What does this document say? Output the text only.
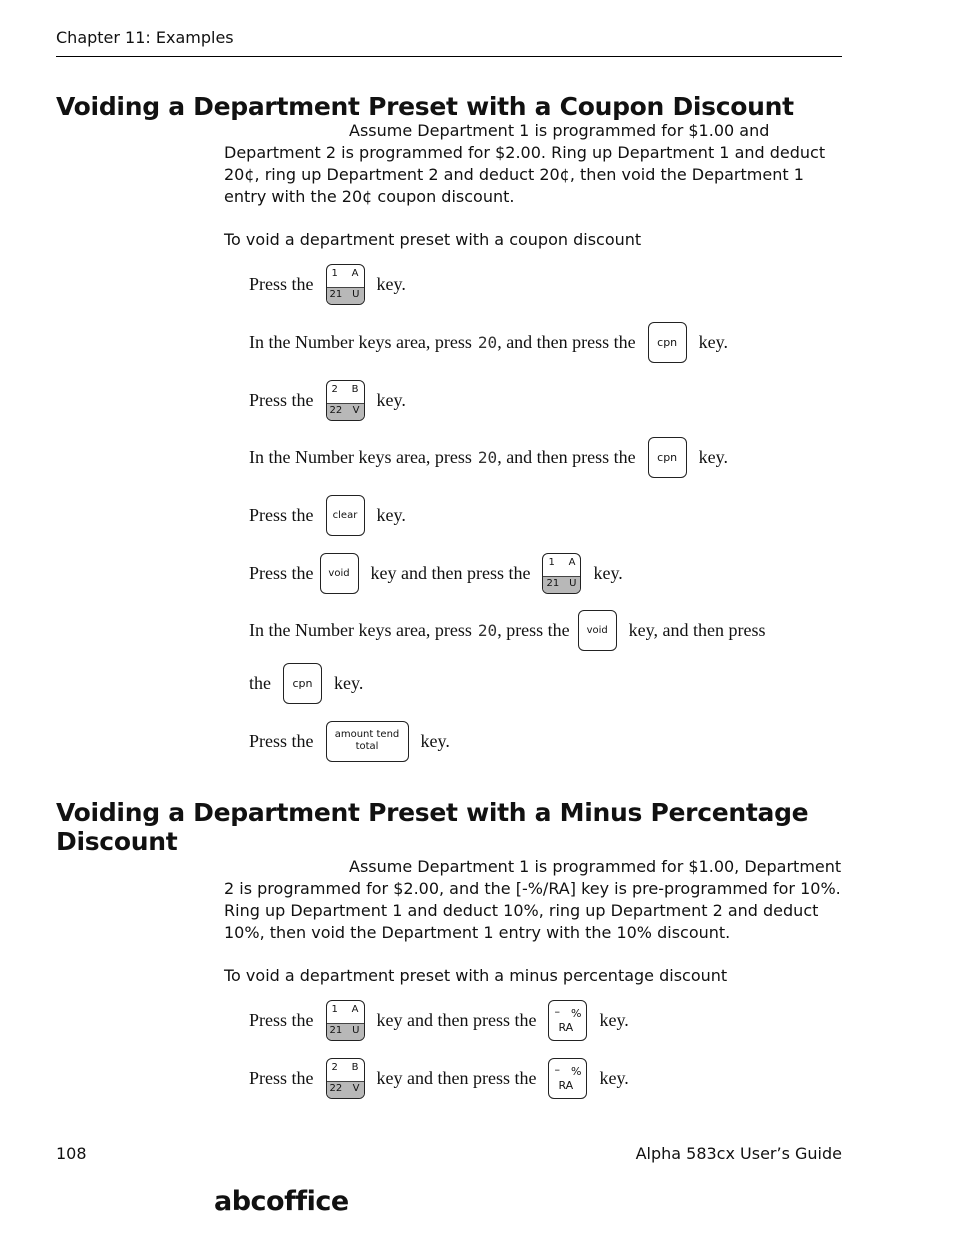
Chapter 11: Examples
Voiding a Department Preset with a Coupon Discount
Assume Department 1 is programmed for $1.00 and Department 2 is programmed for $2.00. Ring up Department 1 and deduct 20¢, ring up Department 2 and deduct 20¢, then void the Department 1 entry with the 20¢ coupon discount.
To void a department preset with a coupon discount
Press the
1 A
21 U
key.
In the Number keys area, press 20 , and then press the	cpn	key.
Press the
2 B
22 V
key.
In the Number keys area, press 20 , and then press the	cpn	key.
Press the	clear	key.
Press the	void	key and then press the
1 A
21 U
key.
In the Number keys area, press 20 , press the	void	key, and then press
the	cpn	key.
Press the amount tend
total key.
Voiding a Department Preset with a Minus Percentage
Discount
Assume Department 1 is programmed for $1.00, Department 2 is programmed for $2.00, and the [-%/RA] key is pre-programmed for 10%. Ring up Department 1 and deduct 10%, ring up Department 2 and deduct 10%, then void the Department 1 entry with the 10% discount.
To void a department preset with a minus percentage discount
Press the
1 A
21 U
key and then press the – %
RA key.
Press the
2 B
22 V
key and then press the – %
RA key.
108	Alpha 583cx User’s Guide
abcoffice
